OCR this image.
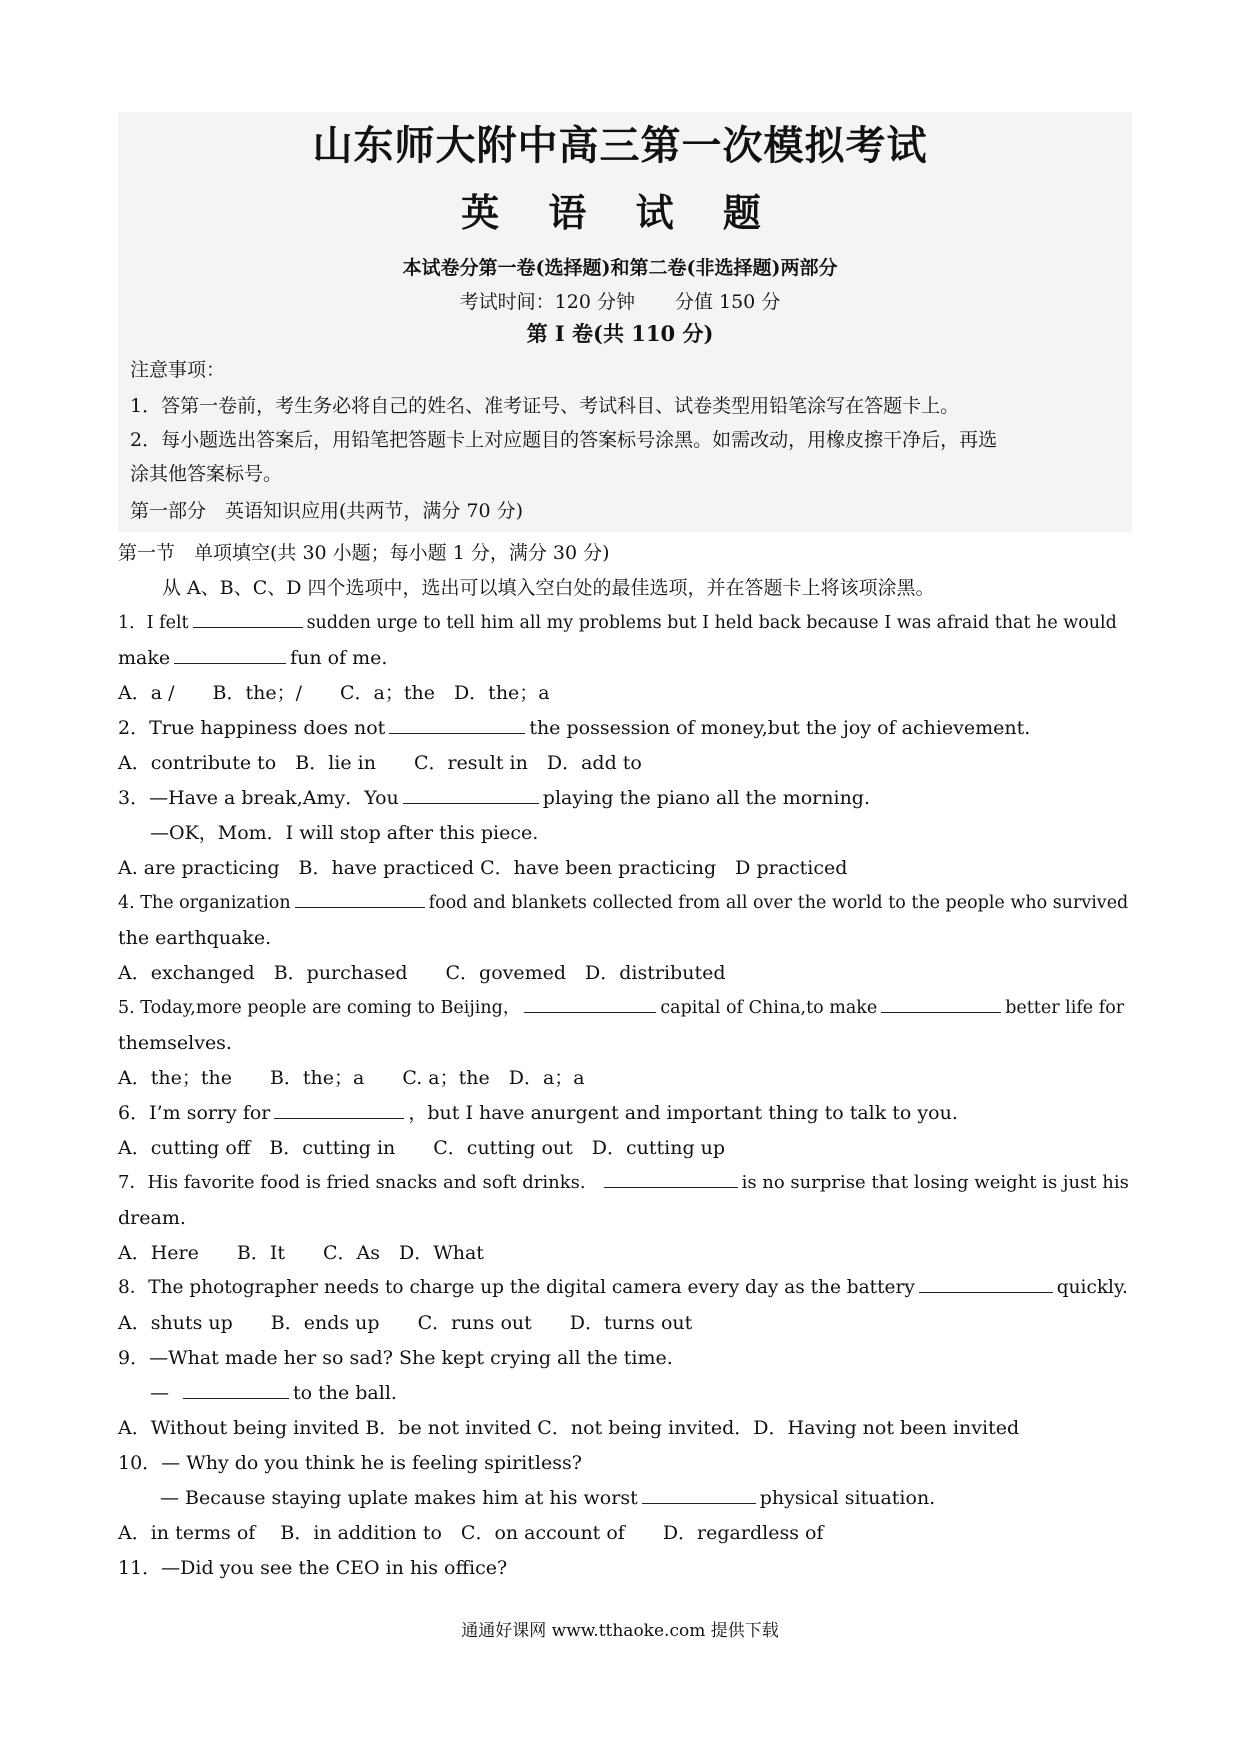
山东师大附中高三第一次模拟考试
英 语 试 题
本试卷分第一卷(选择题)和第二卷(非选择题)两部分
考试时间：120 分钟 分值 150 分
第 I 卷(共 110 分)
注意事项：
1．答第一卷前，考生务必将自己的姓名、准考证号、考试科目、试卷类型用铅笔涂写在答题卡上。
2．每小题选出答案后，用铅笔把答题卡上对应题目的答案标号涂黑。如需改动，用橡皮擦干净后，再选
涂其他答案标号。
第一部分　英语知识应用(共两节，满分 70 分)
第一节　单项填空(共 30 小题；每小题 1 分，满分 30 分)
从 A、B、C、D 四个选项中，选出可以填入空白处的最佳选项，并在答题卡上将该项涂黑。
1．I felt	sudden urge to tell him all my problems but I held back because I was afraid that he would
make	fun of me.
A．a /　　B．the；/　　C．a；the　D．the；a
2．True happiness does not	the possession of money,but the joy of achievement.
A．contribute to　B．lie in　　C．result in　D．add to
3．—Have a break,Amy．You	playing the piano all the morning.
—OK，Mom．I will stop after this piece.
A. are practicing　B．have practiced C．have been practicing　D practiced
4. The organization	food and blankets collected from all over the world to the people who survived
the earthquake.
A．exchanged　B．purchased　　C．govemed　D．distributed
5. Today,more people are coming to Beijing，	capital of China,to make	better life for
themselves.
A．the；the　　B．the；a　　C. a；the　D．a；a
6．I’m sorry for	，but I have anurgent and important thing to talk to you.
A．cutting off　B．cutting in　　C．cutting out　D．cutting up
7．His favorite food is fried snacks and soft drinks.	is no surprise that losing weight is just his
dream.
A．Here　　B．It　　C．As　D．What
8．The photographer needs to charge up the digital camera every day as the battery	quickly.
A．shuts up　　B．ends up　　C．runs out　　D．turns out
9．—What made her so sad? She kept crying all the time.
—	to the ball.
A．Without being invited B．be not invited C．not being invited．D．Having not been invited
10．— Why do you think he is feeling spiritless?
— Because staying uplate makes him at his worst	physical situation.
A．in terms of　 B．in addition to　C．on account of　　D．regardless of
11．—Did you see the CEO in his office?
通通好课网 www.tthaoke.com 提供下载
